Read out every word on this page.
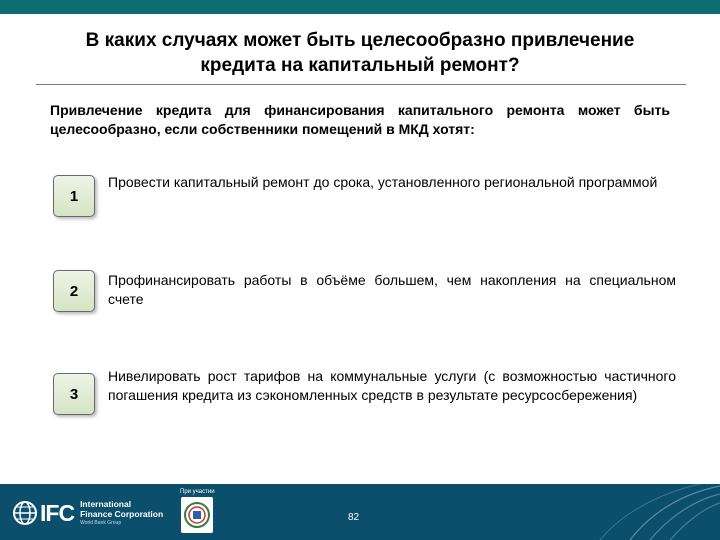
В каких случаях может быть целесообразно привлечение
кредита на капитальный ремонт?
Привлечение кредита для финансирования капитального ремонта может быть целесообразно, если собственники помещений в МКД хотят:
1
Провести капитальный ремонт до срока, установленного региональной программой
2
Профинансировать работы в объёме большем, чем накопления на специальном счете
3
Нивелировать рост тарифов на коммунальные услуги (с возможностью частичного погашения кредита из сэкономленных средств в результате ресурсосбережения)
IFC International
Finance Corporation
World Bank Group
При участии
82
